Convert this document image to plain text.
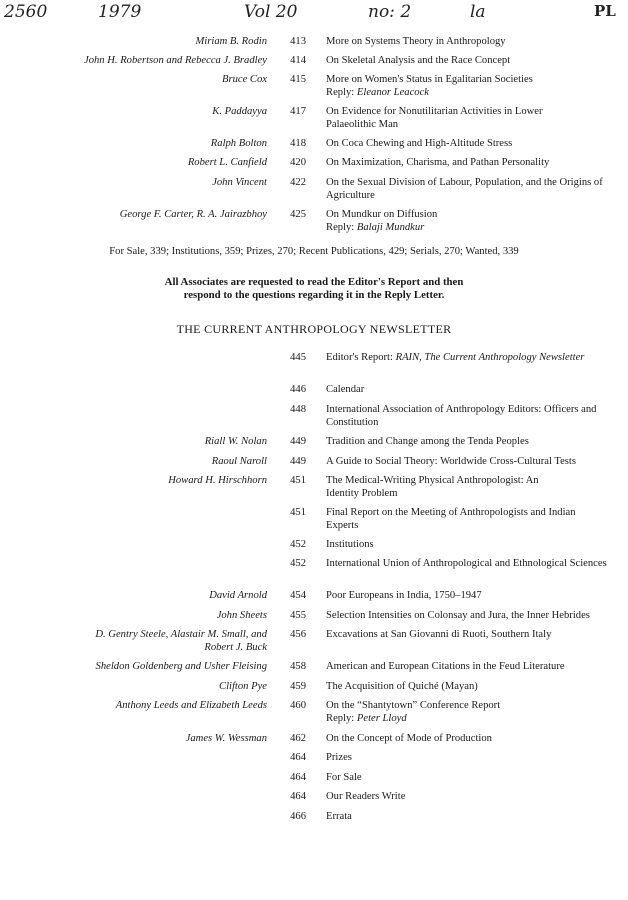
2560	1979	Vol 20	no: 2	la	PL
Miriam B. Rodin	413 More on Systems Theory in Anthropology
John H. Robertson and Rebecca J. Bradley	414 On Skeletal Analysis and the Race Concept
Bruce Cox	415 More on Women's Status in Egalitarian Societies
Reply: Eleanor Leacock
K. Paddayya	417 On Evidence for Nonutilitarian Activities in Lower Palaeolithic Man
Ralph Bolton	418 On Coca Chewing and High-Altitude Stress
Robert L. Canfield	420 On Maximization, Charisma, and Pathan Personality
John Vincent	422 On the Sexual Division of Labour, Population, and the Origins of Agriculture
George F. Carter, R. A. Jairazbhoy	425 On Mundkur on Diffusion
Reply: Balaji Mundkur
For Sale, 339; Institutions, 359; Prizes, 270; Recent Publications, 429; Serials, 270; Wanted, 339
All Associates are requested to read the Editor's Report and then
respond to the questions regarding it in the Reply Letter.
THE CURRENT ANTHROPOLOGY NEWSLETTER
445 Editor's Report: RAIN, The Current Anthropology Newsletter
446 Calendar
448 International Association of Anthropology Editors: Officers and Constitution
Riall W. Nolan	449 Tradition and Change among the Tenda Peoples
Raoul Naroll	449 A Guide to Social Theory: Worldwide Cross-Cultural Tests
Howard H. Hirschhorn	451 The Medical-Writing Physical Anthropologist: An Identity Problem
451 Final Report on the Meeting of Anthropologists and Indian Experts
452 Institutions
452 International Union of Anthropological and Ethnological Sciences
David Arnold	454 Poor Europeans in India, 1750–1947
John Sheets	455 Selection Intensities on Colonsay and Jura, the Inner Hebrides
D. Gentry Steele, Alastair M. Small, and
Robert J. Buck
456 Excavations at San Giovanni di Ruoti, Southern Italy
Sheldon Goldenberg and Usher Fleising	458 American and European Citations in the Feud Literature
Clifton Pye	459 The Acquisition of Quiché (Mayan)
Anthony Leeds and Elizabeth Leeds	460 On the “Shantytown” Conference Report
Reply: Peter Lloyd
James W. Wessman	462 On the Concept of Mode of Production
464 Prizes
464 For Sale
464 Our Readers Write
466 Errata
